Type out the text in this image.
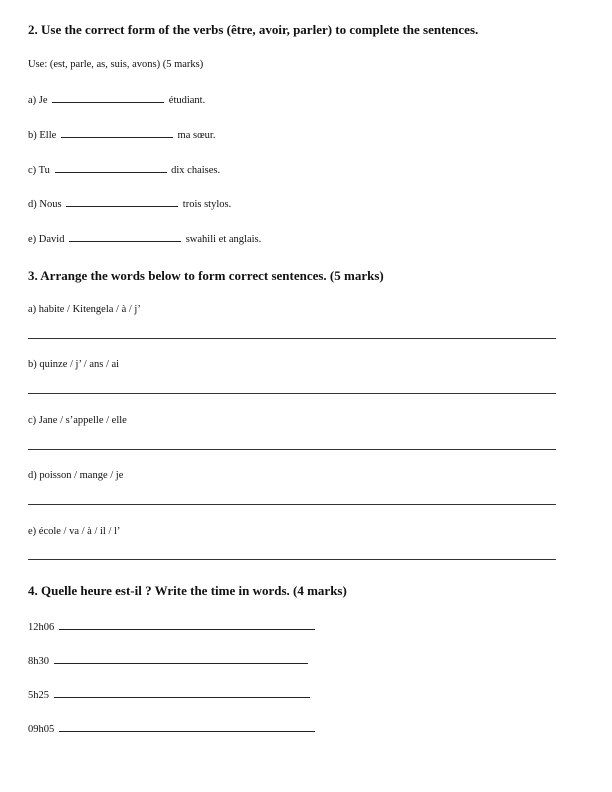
2. Use the correct form of the verbs (être, avoir, parler) to complete the sentences.
Use: (est, parle, as, suis, avons) (5 marks)
a) Je	étudiant.
b) Elle	ma sœur.
c) Tu	dix chaises.
d) Nous	trois stylos.
e) David	swahili et anglais.
3. Arrange the words below to form correct sentences. (5 marks)
a) habite / Kitengela / à / j’
b) quinze / j’ / ans / ai
c) Jane / s’appelle / elle
d) poisson / mange / je
e) école / va / à / il / l’
4. Quelle heure est-il ? Write the time in words. (4 marks)
12h06
8h30
5h25
09h05
